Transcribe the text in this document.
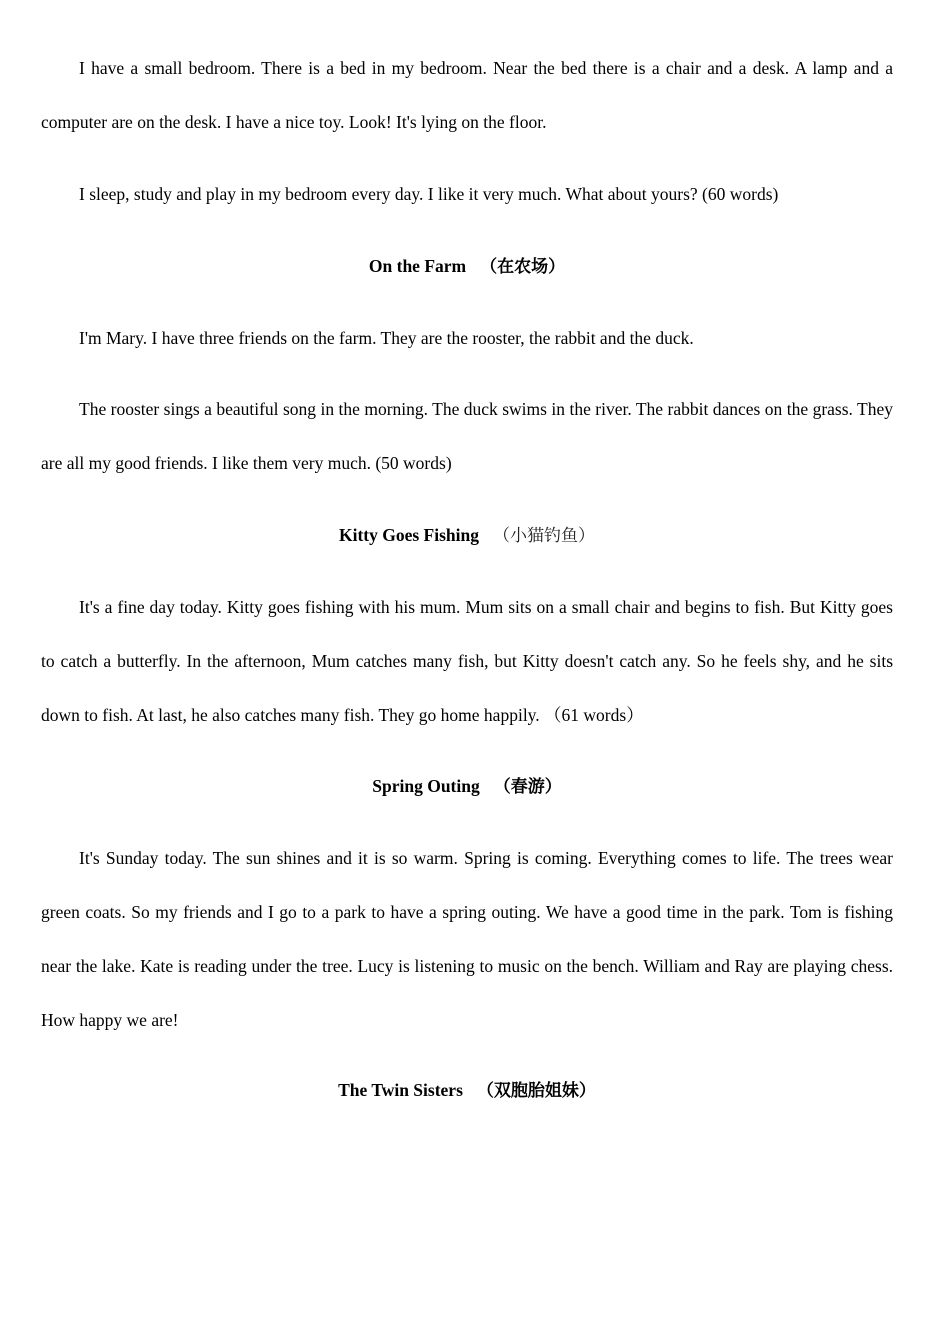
I have a small bedroom. There is a bed in my bedroom. Near the bed there is a chair and a desk. A lamp and a computer are on the desk. I have a nice toy. Look! It's lying on the floor.

I sleep, study and play in my bedroom every day. I like it very much. What about yours? (60 words)

On the Farm （在农场）

I'm Mary. I have three friends on the farm. They are the rooster, the rabbit and the duck.

The rooster sings a beautiful song in the morning. The duck swims in the river. The rabbit dances on the grass. They are all my good friends. I like them very much. (50 words)

Kitty Goes Fishing （小猫钓鱼）

It's a fine day today. Kitty goes fishing with his mum. Mum sits on a small chair and begins to fish. But Kitty goes to catch a butterfly. In the afternoon, Mum catches many fish, but Kitty doesn't catch any. So he feels shy, and he sits down to fish. At last, he also catches many fish. They go home happily. （61 words）

Spring Outing （春游）

It's Sunday today. The sun shines and it is so warm. Spring is coming. Everything comes to life. The trees wear green coats. So my friends and I go to a park to have a spring outing. We have a good time in the park. Tom is fishing near the lake. Kate is reading under the tree. Lucy is listening to music on the bench. William and Ray are playing chess. How happy we are!

The Twin Sisters （双胞胎姐妹）
